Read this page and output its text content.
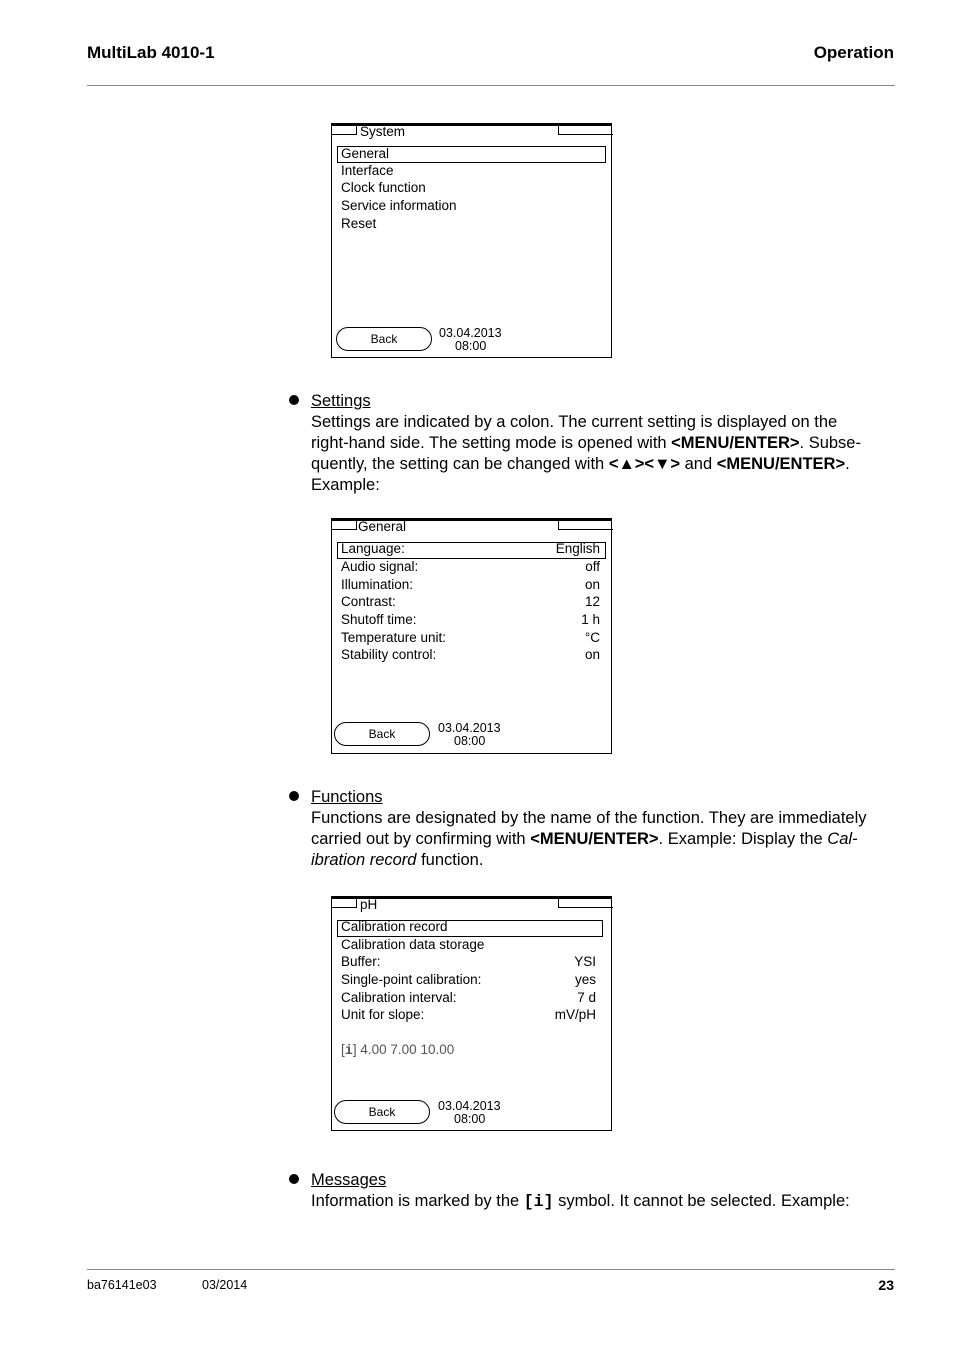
MultiLab 4010-1	Operation
System
General
Interface
Clock function
Service information
Reset
Back	03.04.2013
08:00
Settings
Settings are indicated by a colon. The current setting is displayed on the
right-hand side. The setting mode is opened with <MENU/ENTER>. Subse-
quently, the setting can be changed with <▲><▼> and <MENU/ENTER>.
Example:
General
Language:	English
Audio signal:	off
Illumination:	on
Contrast:	12
Shutoff time:	1 h
Temperature unit:	°C
Stability control:	on
Back	03.04.2013
08:00
Functions
Functions are designated by the name of the function. They are immediately
carried out by confirming with <MENU/ENTER>. Example: Display the Cal-
ibration record function.
pH
Calibration record
Calibration data storage
Buffer:	YSI
Single-point calibration:	yes
Calibration interval:	7 d
Unit for slope:	mV/pH
[i] 4.00 7.00 10.00
Back	03.04.2013
08:00
Messages
Information is marked by the [i] symbol. It cannot be selected. Example:
ba76141e03	03/2014	23
